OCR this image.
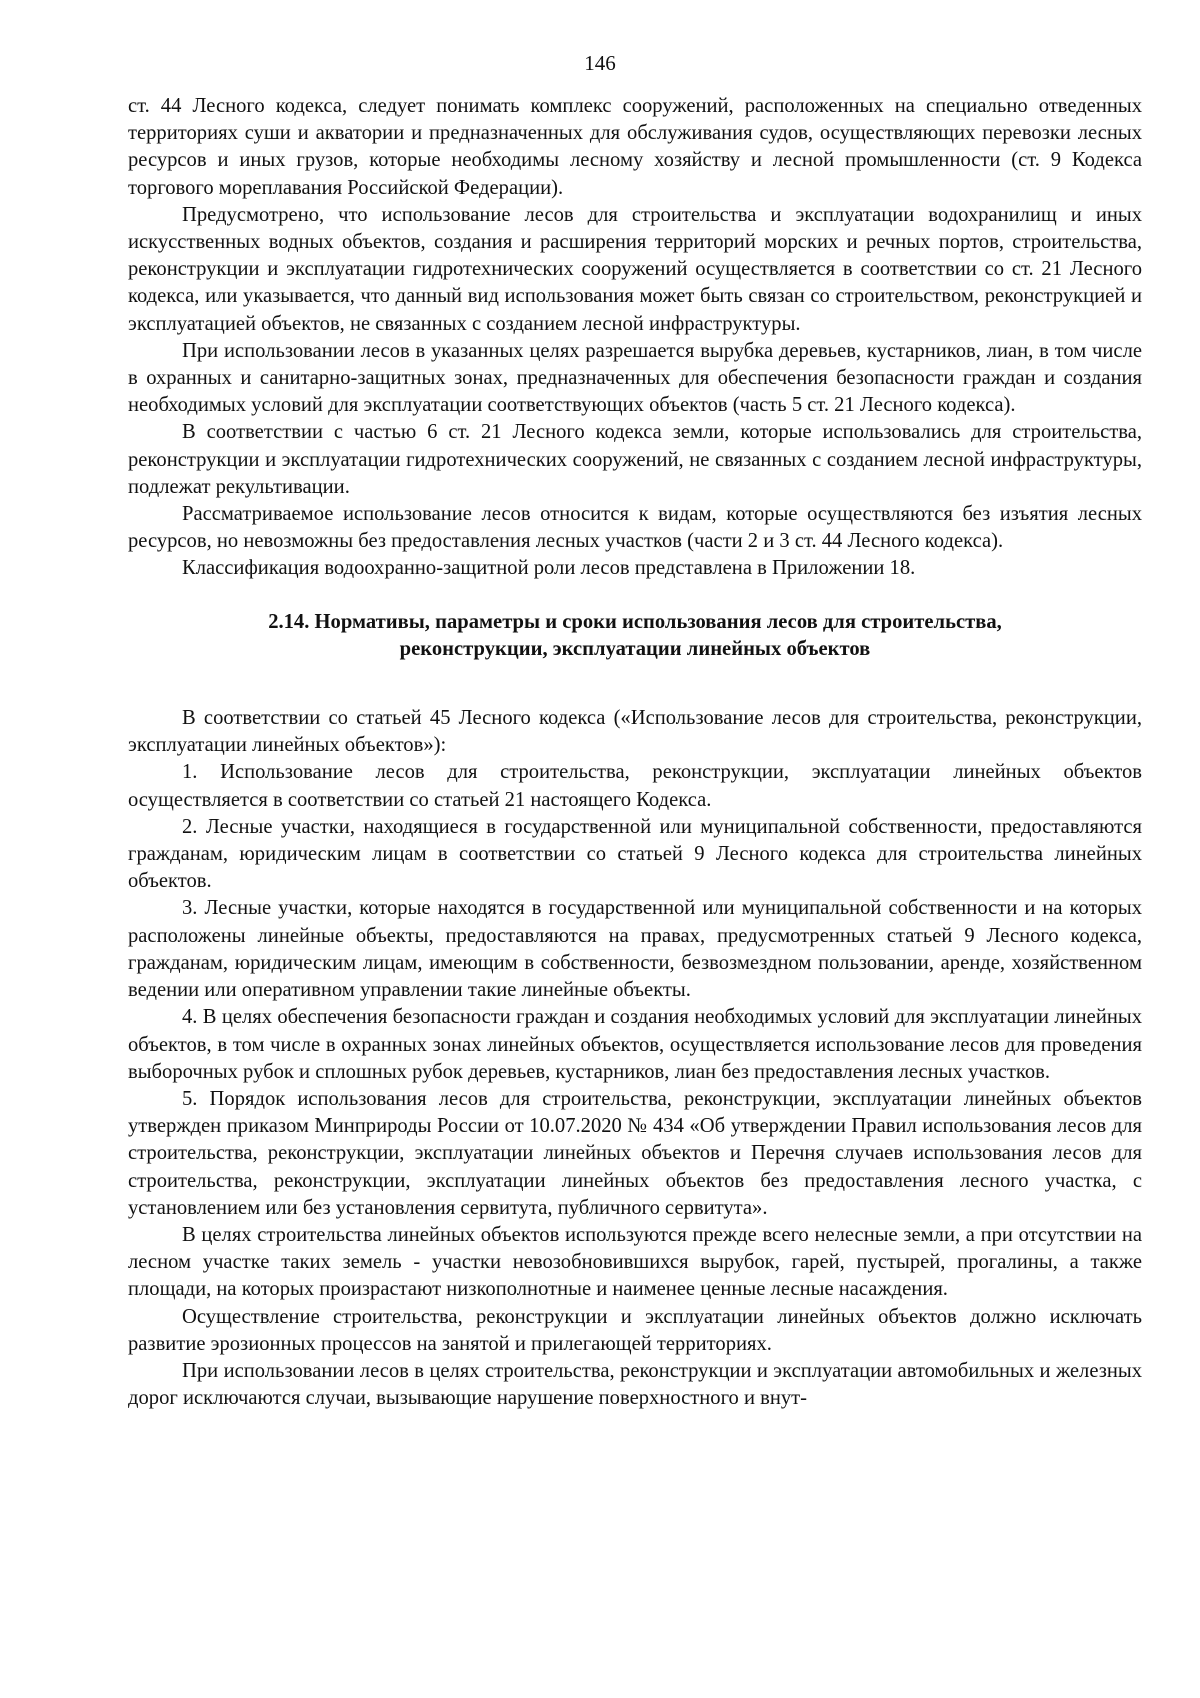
146

ст. 44 Лесного кодекса, следует понимать комплекс сооружений, расположенных на специально отведенных территориях суши и акватории и предназначенных для обслуживания судов, осуществляющих перевозки лесных ресурсов и иных грузов, которые необходимы лесному хозяйству и лесной промышленности (ст. 9 Кодекса торгового мореплавания Российской Федерации).

Предусмотрено, что использование лесов для строительства и эксплуатации водохранилищ и иных искусственных водных объектов, создания и расширения территорий морских и речных портов, строительства, реконструкции и эксплуатации гидротехнических сооружений осуществляется в соответствии со ст. 21 Лесного кодекса, или указывается, что данный вид использования может быть связан со строительством, реконструкцией и эксплуатацией объектов, не связанных с созданием лесной инфраструктуры.

При использовании лесов в указанных целях разрешается вырубка деревьев, кустарников, лиан, в том числе в охранных и санитарно-защитных зонах, предназначенных для обеспечения безопасности граждан и создания необходимых условий для эксплуатации соответствующих объектов (часть 5 ст. 21 Лесного кодекса).

В соответствии с частью 6 ст. 21 Лесного кодекса земли, которые использовались для строительства, реконструкции и эксплуатации гидротехнических сооружений, не связанных с созданием лесной инфраструктуры, подлежат рекультивации.

Рассматриваемое использование лесов относится к видам, которые осуществляются без изъятия лесных ресурсов, но невозможны без предоставления лесных участков (части 2 и 3 ст. 44 Лесного кодекса).

Классификация водоохранно-защитной роли лесов представлена в Приложении 18.

2.14. Нормативы, параметры и сроки использования лесов для строительства,
реконструкции, эксплуатации линейных объектов

В соответствии со статьей 45 Лесного кодекса («Использование лесов для строительства, реконструкции, эксплуатации линейных объектов»):

1. Использование лесов для строительства, реконструкции, эксплуатации линейных объектов осуществляется в соответствии со статьей 21 настоящего Кодекса.

2. Лесные участки, находящиеся в государственной или муниципальной собственности, предоставляются гражданам, юридическим лицам в соответствии со статьей 9 Лесного кодекса для строительства линейных объектов.

3. Лесные участки, которые находятся в государственной или муниципальной собственности и на которых расположены линейные объекты, предоставляются на правах, предусмотренных статьей 9 Лесного кодекса, гражданам, юридическим лицам, имеющим в собственности, безвозмездном пользовании, аренде, хозяйственном ведении или оперативном управлении такие линейные объекты.

4. В целях обеспечения безопасности граждан и создания необходимых условий для эксплуатации линейных объектов, в том числе в охранных зонах линейных объектов, осуществляется использование лесов для проведения выборочных рубок и сплошных рубок деревьев, кустарников, лиан без предоставления лесных участков.

5. Порядок использования лесов для строительства, реконструкции, эксплуатации линейных объектов утвержден приказом Минприроды России от 10.07.2020 № 434 «Об утверждении Правил использования лесов для строительства, реконструкции, эксплуатации линейных объектов и Перечня случаев использования лесов для строительства, реконструкции, эксплуатации линейных объектов без предоставления лесного участка, с установлением или без установления сервитута, публичного сервитута».

В целях строительства линейных объектов используются прежде всего нелесные земли, а при отсутствии на лесном участке таких земель - участки невозобновившихся вырубок, гарей, пустырей, прогалины, а также площади, на которых произрастают низкополнотные и наименее ценные лесные насаждения.

Осуществление строительства, реконструкции и эксплуатации линейных объектов должно исключать развитие эрозионных процессов на занятой и прилегающей территориях.

При использовании лесов в целях строительства, реконструкции и эксплуатации автомобильных и железных дорог исключаются случаи, вызывающие нарушение поверхностного и внут-
